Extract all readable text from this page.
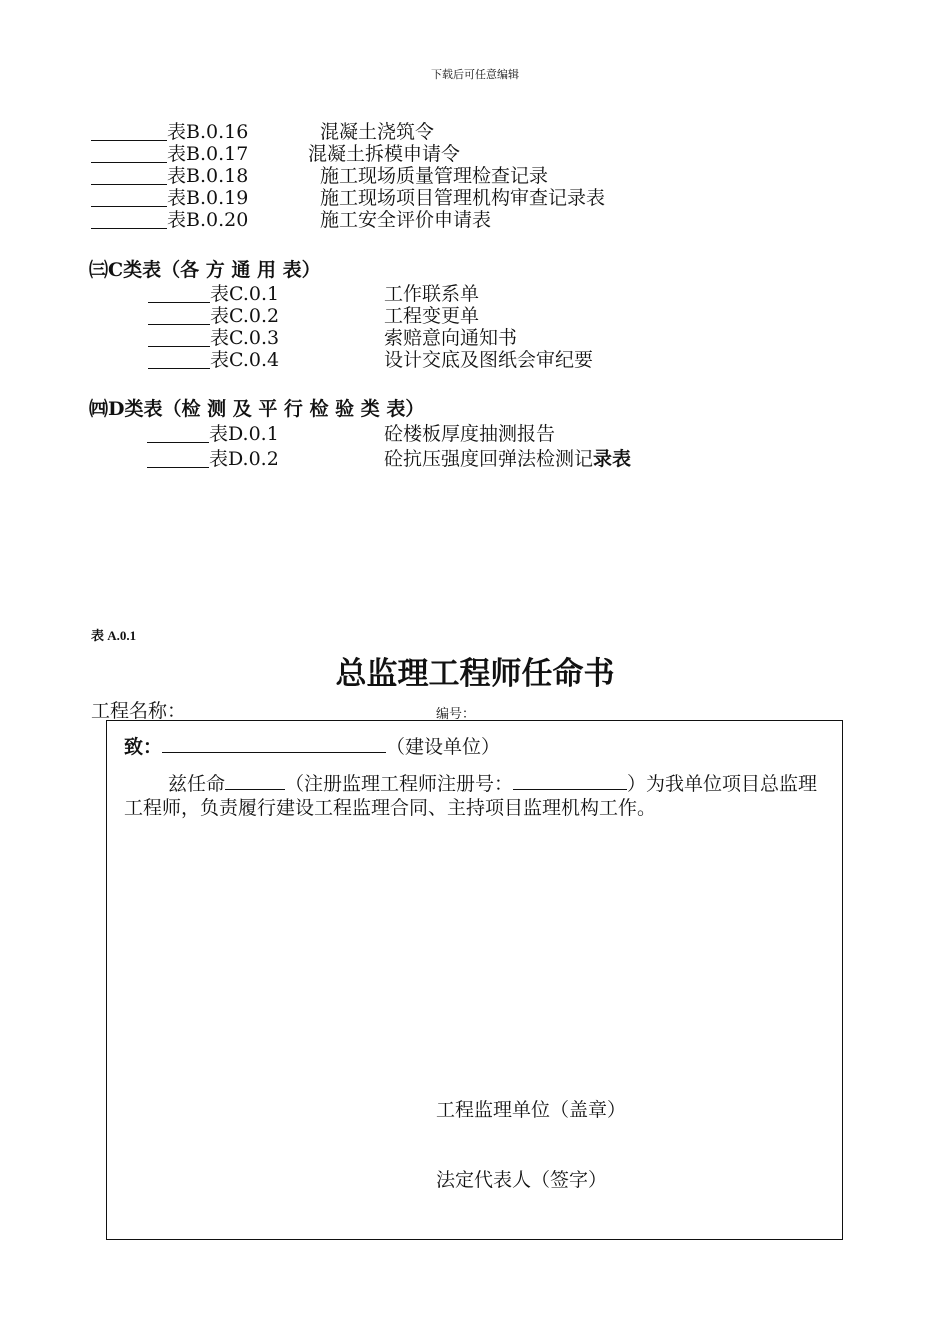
下载后可任意编辑
表B.0.16	混凝土浇筑令
表B.0.17	混凝土拆模申请令
表B.0.18	施工现场质量管理检查记录
表B.0.19	施工现场项目管理机构审查记录表
表B.0.20	施工安全评价申请表
㈢C类表（各 方 通 用 表）
表C.0.1	工作联系单
表C.0.2	工程变更单
表C.0.3	索赔意向通知书
表C.0.4	设计交底及图纸会审纪要
㈣D类表（检 测 及 平 行 检 验 类 表）
表D.0.1	砼楼板厚度抽测报告
表D.0.2	砼抗压强度回弹法检测记录表
表 A.0.1
总监理工程师任命书
工程名称：	编号：
致：	（建设单位）
兹任命	（注册监理工程师注册号：	）为我单位项目总监理工程师，负责履行建设工程监理合同、主持项目监理机构工作。
工程监理单位（盖章）
法定代表人（签字）
